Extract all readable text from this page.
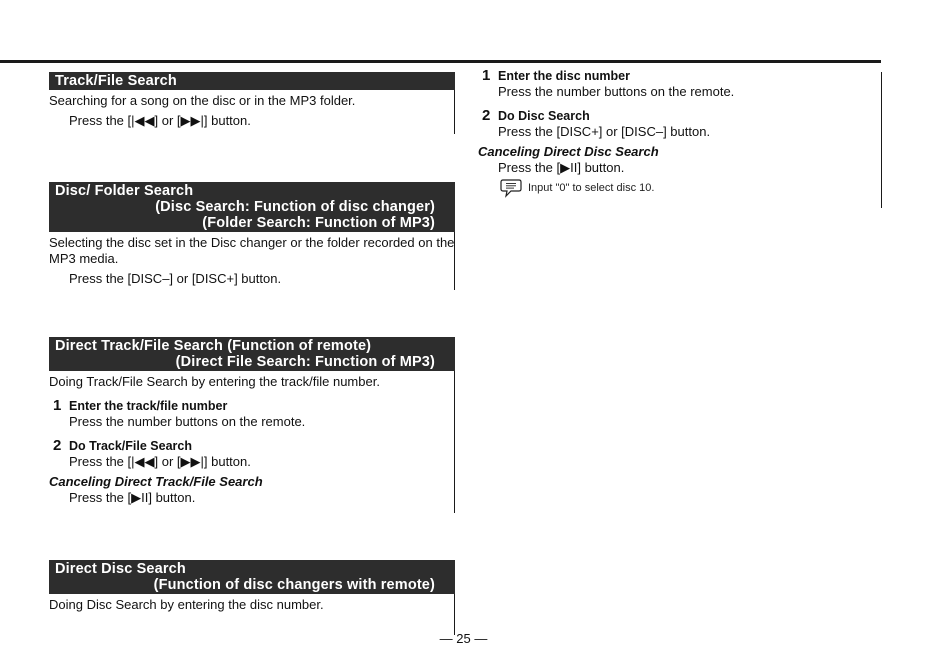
Track/File Search

Searching for a song on the disc or in the MP3 folder.

Press the [|◀◀] or [▶▶|] button.

Disc/ Folder Search
(Disc Search: Function of disc changer)
(Folder Search: Function of MP3)

Selecting the disc set in the Disc changer or the folder recorded on the MP3 media.

Press the [DISC–] or [DISC+] button.

Direct Track/File Search (Function of remote)
(Direct File Search: Function of MP3)

Doing Track/File Search by entering the track/file number.

1 Enter the track/file number

Press the number buttons on the remote.

2 Do Track/File Search

Press the [|◀◀] or [▶▶|] button.

Canceling Direct Track/File Search

Press the [▶II] button.

Direct Disc Search
(Function of disc changers with remote)

Doing Disc Search by entering the disc number.

1 Enter the disc number

Press the number buttons on the remote.

2 Do Disc Search

Press the [DISC+] or [DISC–] button.

Canceling Direct Disc Search

Press the [▶II] button.

Input "0" to select disc 10.
— 25 —
